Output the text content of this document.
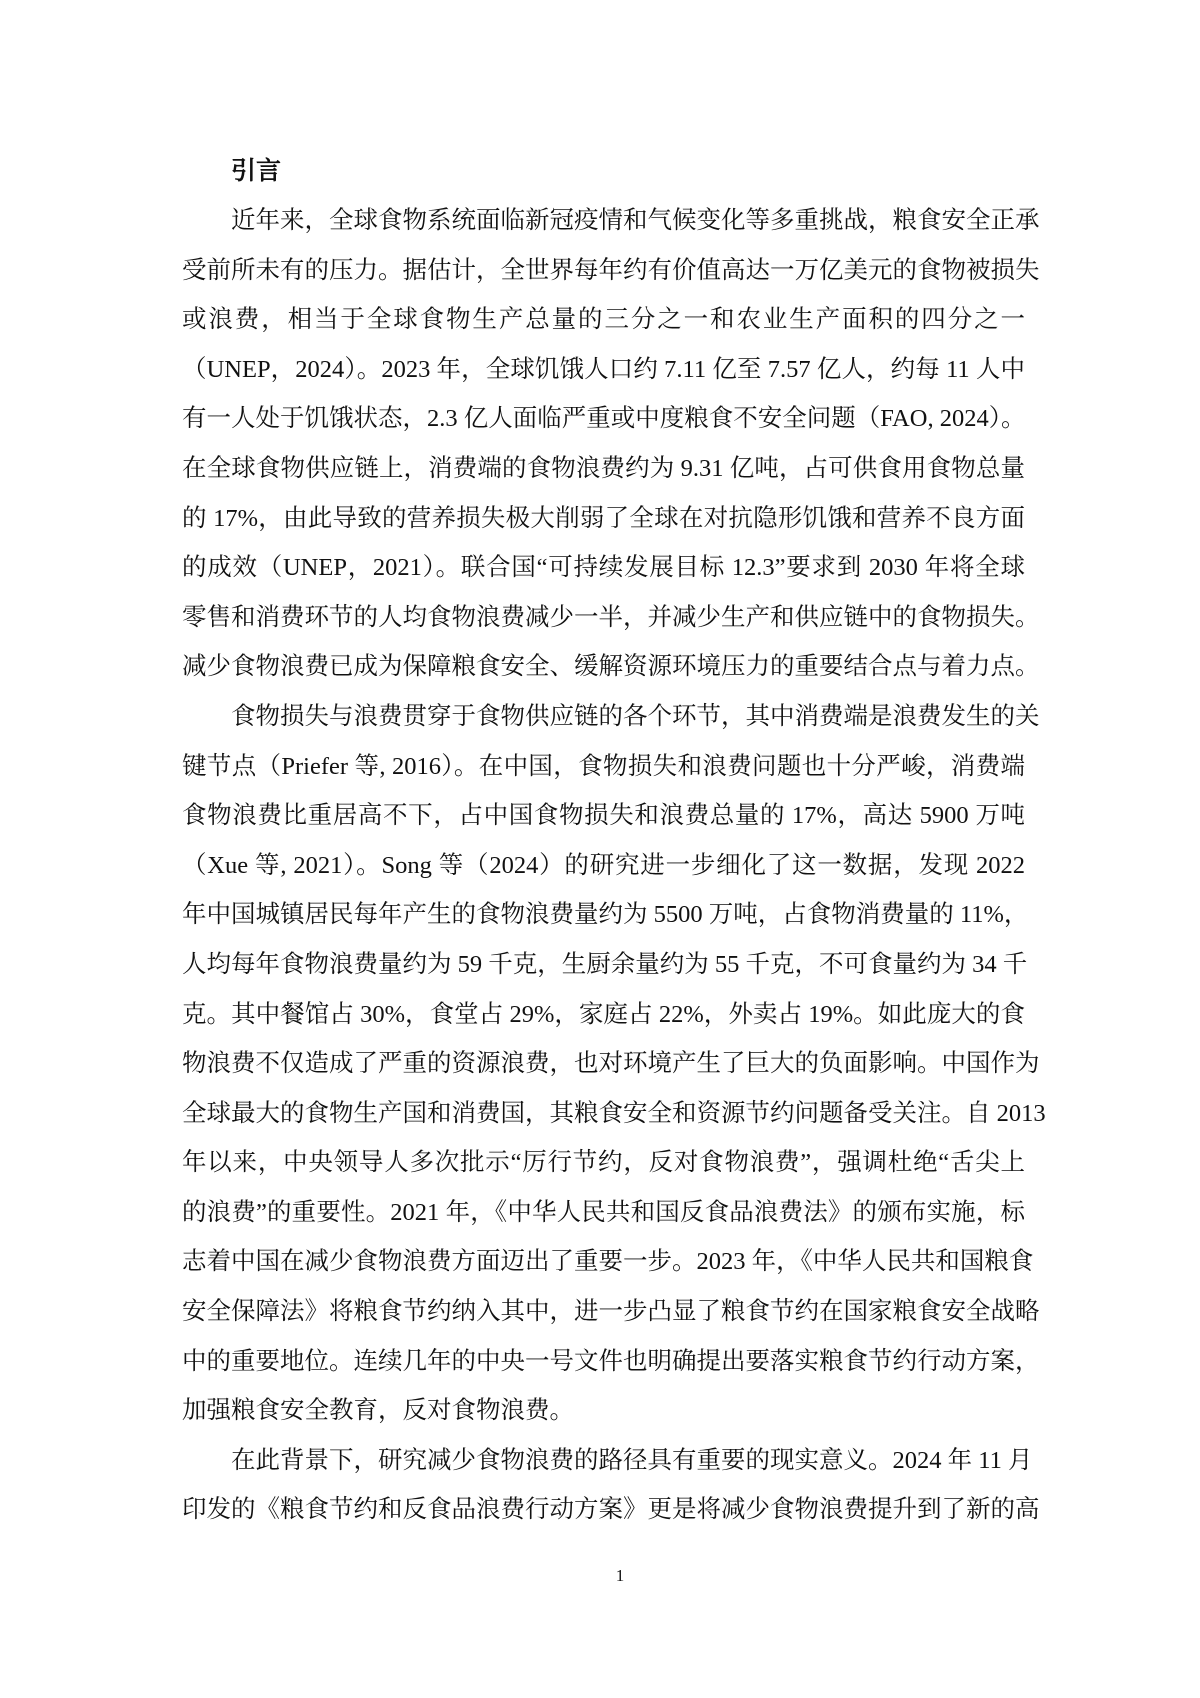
引言
近年来，全球食物系统面临新冠疫情和气候变化等多重挑战，粮食安全正承
受前所未有的压力。据估计，全世界每年约有价值高达一万亿美元的食物被损失
或浪费，相当于全球食物生产总量的三分之一和农业生产面积的四分之一
（UNEP，2024）。2023 年，全球饥饿人口约 7.11 亿至 7.57 亿人，约每 11 人中
有一人处于饥饿状态，2.3 亿人面临严重或中度粮食不安全问题（FAO, 2024）。
在全球食物供应链上，消费端的食物浪费约为 9.31 亿吨，占可供食用食物总量
的 17%，由此导致的营养损失极大削弱了全球在对抗隐形饥饿和营养不良方面
的成效（UNEP，2021）。联合国“可持续发展目标 12.3”要求到 2030 年将全球
零售和消费环节的人均食物浪费减少一半，并减少生产和供应链中的食物损失。
减少食物浪费已成为保障粮食安全、缓解资源环境压力的重要结合点与着力点。
食物损失与浪费贯穿于食物供应链的各个环节，其中消费端是浪费发生的关
键节点（Priefer 等, 2016）。在中国，食物损失和浪费问题也十分严峻，消费端
食物浪费比重居高不下，占中国食物损失和浪费总量的 17%，高达 5900 万吨
（Xue 等, 2021）。Song 等（2024）的研究进一步细化了这一数据，发现 2022
年中国城镇居民每年产生的食物浪费量约为 5500 万吨，占食物消费量的 11%，
人均每年食物浪费量约为 59 千克，生厨余量约为 55 千克，不可食量约为 34 千
克。其中餐馆占 30%，食堂占 29%，家庭占 22%，外卖占 19%。如此庞大的食
物浪费不仅造成了严重的资源浪费，也对环境产生了巨大的负面影响。中国作为
全球最大的食物生产国和消费国，其粮食安全和资源节约问题备受关注。自 2013
年以来，中央领导人多次批示“厉行节约，反对食物浪费”，强调杜绝“舌尖上
的浪费”的重要性。2021 年，《中华人民共和国反食品浪费法》的颁布实施，标
志着中国在减少食物浪费方面迈出了重要一步。2023 年，《中华人民共和国粮食
安全保障法》将粮食节约纳入其中，进一步凸显了粮食节约在国家粮食安全战略
中的重要地位。连续几年的中央一号文件也明确提出要落实粮食节约行动方案，
加强粮食安全教育，反对食物浪费。
在此背景下，研究减少食物浪费的路径具有重要的现实意义。2024 年 11 月
印发的《粮食节约和反食品浪费行动方案》更是将减少食物浪费提升到了新的高
1
